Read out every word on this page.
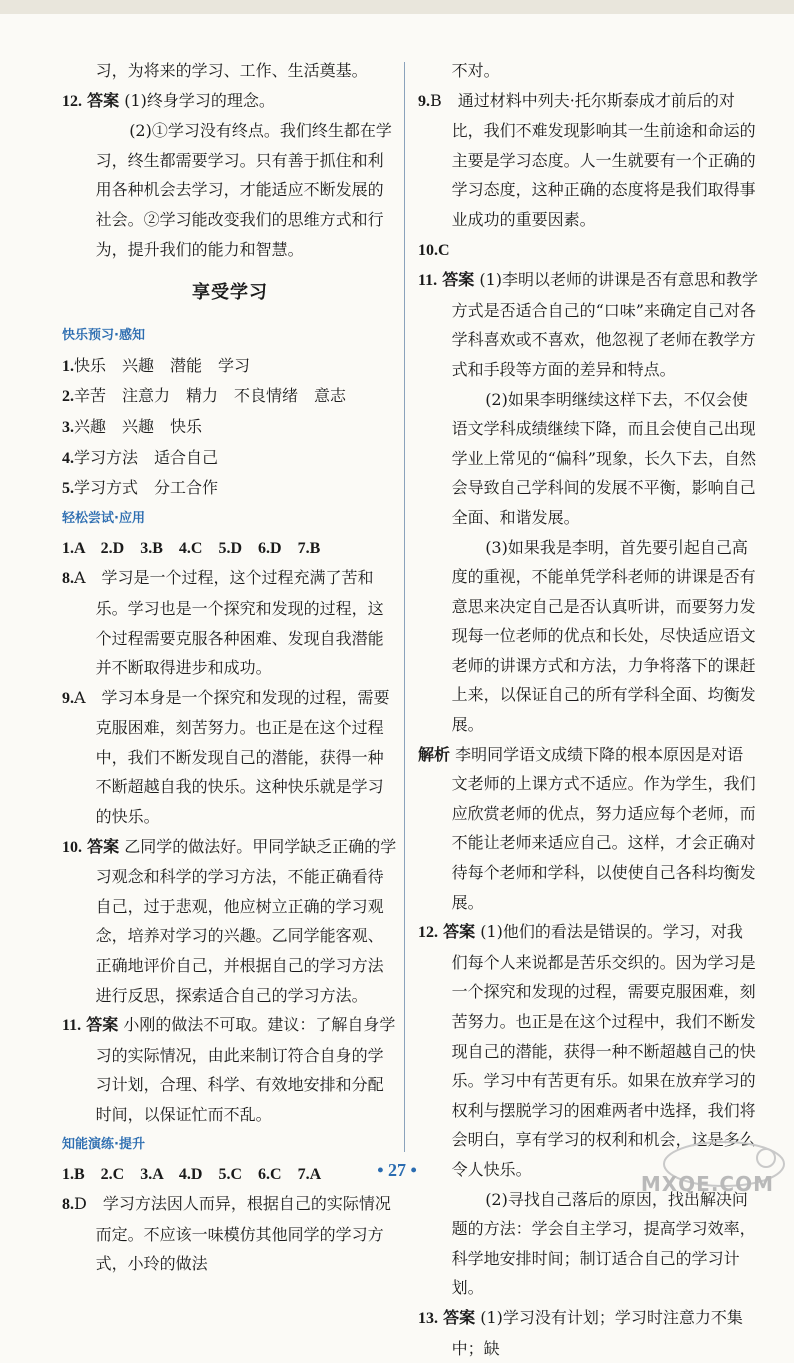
习，为将来的学习、工作、生活奠基。

12. 答案 (1)终身学习的理念。

(2)①学习没有终点。我们终生都在学习，终生都需要学习。只有善于抓住和利用各种机会去学习，才能适应不断发展的社会。②学习能改变我们的思维方式和行为，提升我们的能力和智慧。

享受学习
快乐预习·感知

1.快乐　兴趣　潜能　学习

2.辛苦　注意力　精力　不良情绪　意志

3.兴趣　兴趣　快乐

4.学习方法　适合自己

5.学习方式　分工合作

轻松尝试·应用

1.A　2.D　3.B　4.C　5.D　6.D　7.B

8.A　学习是一个过程，这个过程充满了苦和乐。学习也是一个探究和发现的过程，这个过程需要克服各种困难、发现自我潜能并不断取得进步和成功。

9.A　学习本身是一个探究和发现的过程，需要克服困难，刻苦努力。也正是在这个过程中，我们不断发现自己的潜能，获得一种不断超越自我的快乐。这种快乐就是学习的快乐。

10. 答案 乙同学的做法好。甲同学缺乏正确的学习观念和科学的学习方法，不能正确看待自己，过于悲观，他应树立正确的学习观念，培养对学习的兴趣。乙同学能客观、正确地评价自己，并根据自己的学习方法进行反思，探索适合自己的学习方法。

11. 答案 小刚的做法不可取。建议：了解自身学习的实际情况，由此来制订符合自身的学习计划，合理、科学、有效地安排和分配时间，以保证忙而不乱。

知能演练·提升

1.B　2.C　3.A　4.D　5.C　6.C　7.A

8.D　学习方法因人而异，根据自己的实际情况而定。不应该一味模仿其他同学的学习方式，小玲的做法

不对。

9.B　通过材料中列夫·托尔斯泰成才前后的对比，我们不难发现影响其一生前途和命运的主要是学习态度。人一生就要有一个正确的学习态度，这种正确的态度将是我们取得事业成功的重要因素。

10.C

11. 答案 (1)李明以老师的讲课是否有意思和教学方式是否适合自己的“口味”来确定自己对各学科喜欢或不喜欢，他忽视了老师在教学方式和手段等方面的差异和特点。

(2)如果李明继续这样下去，不仅会使语文学科成绩继续下降，而且会使自己出现学业上常见的“偏科”现象，长久下去，自然会导致自己学科间的发展不平衡，影响自己全面、和谐发展。

(3)如果我是李明，首先要引起自己高度的重视，不能单凭学科老师的讲课是否有意思来决定自己是否认真听讲，而要努力发现每一位老师的优点和长处，尽快适应语文老师的讲课方式和方法，力争将落下的课赶上来，以保证自己的所有学科全面、均衡发展。

解析 李明同学语文成绩下降的根本原因是对语文老师的上课方式不适应。作为学生，我们应欣赏老师的优点，努力适应每个老师，而不能让老师来适应自己。这样，才会正确对待每个老师和学科，以使使自己各科均衡发展。

12. 答案 (1)他们的看法是错误的。学习，对我们每个人来说都是苦乐交织的。因为学习是一个探究和发现的过程，需要克服困难，刻苦努力。也正是在这个过程中，我们不断发现自己的潜能，获得一种不断超越自己的快乐。学习中有苦更有乐。如果在放弃学习的权利与摆脱学习的困难两者中选择，我们将会明白，享有学习的权利和机会，这是多么令人快乐。

(2)寻找自己落后的原因，找出解决问题的方法：学会自主学习，提高学习效率，科学地安排时间；制订适合自己的学习计划。

13. 答案 (1)学习没有计划；学习时注意力不集中；缺

• 27 •
MXQE.COM
